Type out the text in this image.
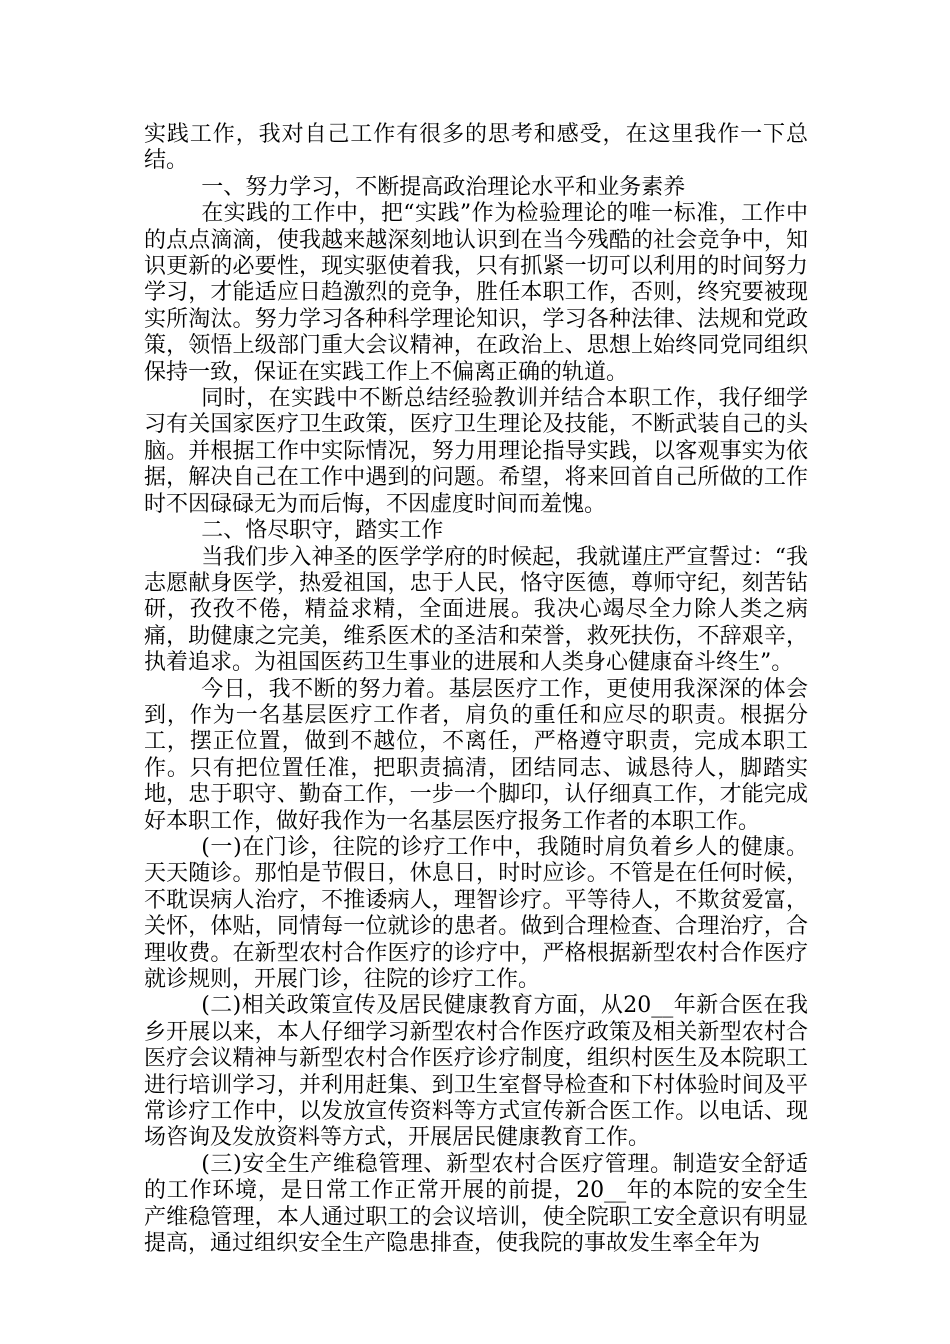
实践工作，我对自己工作有很多的思考和感受，在这里我作一下总结。

一、努力学习，不断提高政治理论水平和业务素养

在实践的工作中，把“实践”作为检验理论的唯一标准，工作中的点点滴滴，使我越来越深刻地认识到在当今残酷的社会竞争中，知识更新的必要性，现实驱使着我，只有抓紧一切可以利用的时间努力学习，才能适应日趋激烈的竞争，胜任本职工作，否则，终究要被现实所淘汰。努力学习各种科学理论知识，学习各种法律、法规和党政策，领悟上级部门重大会议精神，在政治上、思想上始终同党同组织保持一致，保证在实践工作上不偏离正确的轨道。

同时，在实践中不断总结经验教训并结合本职工作，我仔细学习有关国家医疗卫生政策，医疗卫生理论及技能，不断武装自己的头脑。并根据工作中实际情况，努力用理论指导实践，以客观事实为依据，解决自己在工作中遇到的问题。希望，将来回首自己所做的工作时不因碌碌无为而后悔，不因虚度时间而羞愧。

二、恪尽职守，踏实工作

当我们步入神圣的医学学府的时候起，我就谨庄严宣誓过：“我志愿献身医学，热爱祖国，忠于人民，恪守医德，尊师守纪，刻苦钻研，孜孜不倦，精益求精，全面进展。我决心竭尽全力除人类之病痛，助健康之完美，维系医术的圣洁和荣誉，救死扶伤，不辞艰辛，执着追求。为祖国医药卫生事业的进展和人类身心健康奋斗终生”。

今日，我不断的努力着。基层医疗工作，更使用我深深的体会到，作为一名基层医疗工作者，肩负的重任和应尽的职责。根据分工，摆正位置，做到不越位，不离任，严格遵守职责，完成本职工作。只有把位置任准，把职责搞清，团结同志、诚恳待人，脚踏实地，忠于职守、勤奋工作，一步一个脚印，认仔细真工作，才能完成好本职工作，做好我作为一名基层医疗报务工作者的本职工作。

(一)在门诊，往院的诊疗工作中，我随时肩负着乡人的健康。天天随诊。那怕是节假日，休息日，时时应诊。不管是在任何时候，不耽误病人治疗，不推诿病人，理智诊疗。平等待人，不欺贫爱富，关怀，体贴，同情每一位就诊的患者。做到合理检查、合理治疗，合理收费。在新型农村合作医疗的诊疗中，严格根据新型农村合作医疗就诊规则，开展门诊，往院的诊疗工作。

(二)相关政策宣传及居民健康教育方面，从20__年新合医在我乡开展以来，本人仔细学习新型农村合作医疗政策及相关新型农村合医疗会议精神与新型农村合作医疗诊疗制度，组织村医生及本院职工进行培训学习，并利用赶集、到卫生室督导检查和下村体验时间及平常诊疗工作中，以发放宣传资料等方式宣传新合医工作。以电话、现场咨询及发放资料等方式，开展居民健康教育工作。

(三)安全生产维稳管理、新型农村合医疗管理。制造安全舒适的工作环境，是日常工作正常开展的前提，20__年的本院的安全生产维稳管理，本人通过职工的会议培训，使全院职工安全意识有明显提高，通过组织安全生产隐患排查，使我院的事故发生率全年为
